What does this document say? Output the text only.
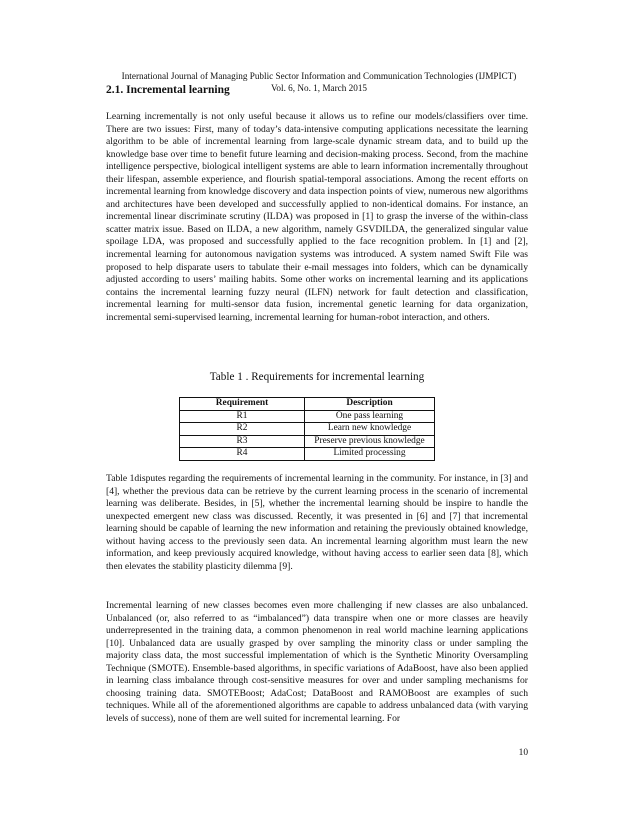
International Journal of Managing Public Sector Information and Communication Technologies (IJMPICT)
Vol. 6, No. 1, March 2015
2.1. Incremental learning

Learning incrementally is not only useful because it allows us to refine our models/classifiers over time. There are two issues: First, many of today’s data-intensive computing applications necessitate the learning algorithm to be able of incremental learning from large-scale dynamic stream data, and to build up the knowledge base over time to benefit future learning and decision-making process. Second, from the machine intelligence perspective, biological intelligent systems are able to learn information incrementally throughout their lifespan, assemble experience, and flourish spatial-temporal associations. Among the recent efforts on incremental learning from knowledge discovery and data inspection points of view, numerous new algorithms and architectures have been developed and successfully applied to non-identical domains. For instance, an incremental linear discriminate scrutiny (ILDA) was proposed in [1] to grasp the inverse of the within-class scatter matrix issue. Based on ILDA, a new algorithm, namely GSVDILDA, the generalized singular value spoilage LDA, was proposed and successfully applied to the face recognition problem. In [1] and [2], incremental learning for autonomous navigation systems was introduced. A system named Swift File was proposed to help disparate users to tabulate their e-mail messages into folders, which can be dynamically adjusted according to users’ mailing habits. Some other works on incremental learning and its applications contains the incremental learning fuzzy neural (ILFN) network for fault detection and classification, incremental learning for multi-sensor data fusion, incremental genetic learning for data organization, incremental semi-supervised learning, incremental learning for human-robot interaction, and others.

Table 1 . Requirements for incremental learning
Requirement	Description
R1	One pass learning
R2	Learn new knowledge
R3	Preserve previous knowledge
R4	Limited processing

Table 1disputes regarding the requirements of incremental learning in the community. For instance, in [3] and [4], whether the previous data can be retrieve by the current learning process in the scenario of incremental learning was deliberate. Besides, in [5], whether the incremental learning should be inspire to handle the unexpected emergent new class was discussed. Recently, it was presented in [6] and [7] that incremental learning should be capable of learning the new information and retaining the previously obtained knowledge, without having access to the previously seen data. An incremental learning algorithm must learn the new information, and keep previously acquired knowledge, without having access to earlier seen data [8], which then elevates the stability plasticity dilemma [9].

Incremental learning of new classes becomes even more challenging if new classes are also unbalanced. Unbalanced (or, also referred to as “imbalanced”) data transpire when one or more classes are heavily underrepresented in the training data, a common phenomenon in real world machine learning applications [10]. Unbalanced data are usually grasped by over sampling the minority class or under sampling the majority class data, the most successful implementation of which is the Synthetic Minority Oversampling Technique (SMOTE). Ensemble-based algorithms, in specific variations of AdaBoost, have also been applied in learning class imbalance through cost-sensitive measures for over and under sampling mechanisms for choosing training data. SMOTEBoost; AdaCost; DataBoost and RAMOBoost are examples of such techniques. While all of the aforementioned algorithms are capable to address unbalanced data (with varying levels of success), none of them are well suited for incremental learning. For

10
